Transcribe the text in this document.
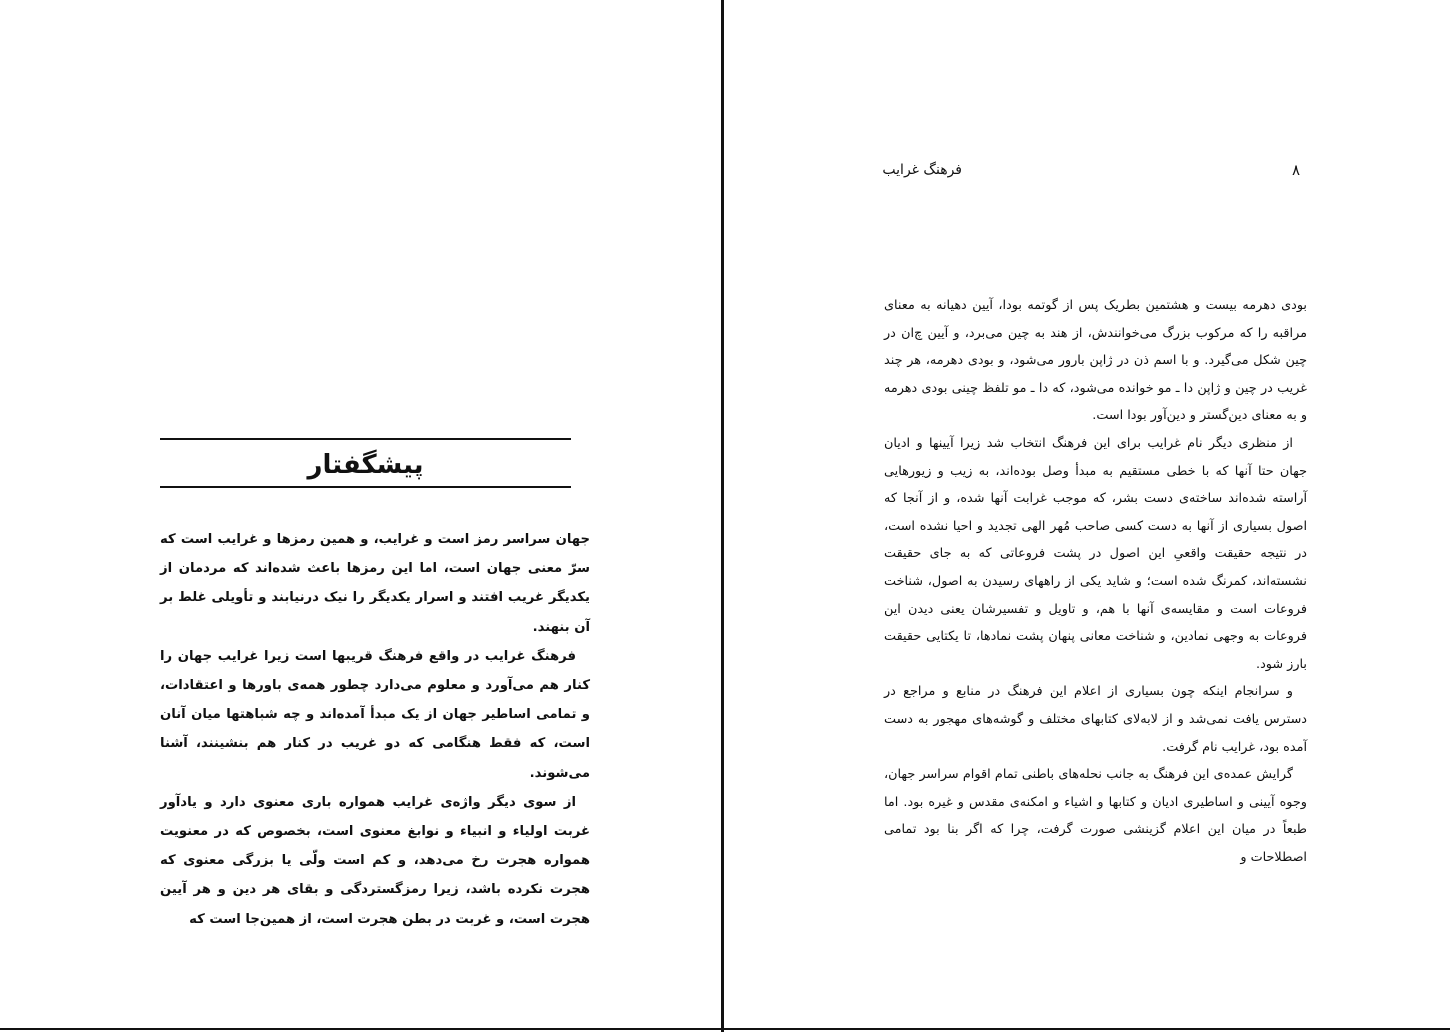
فرهنگ غرایب	۸

بودی دهرمه بیست و هشتمین بطریک پس از گوتمه بودا، آیین دهیانه به معنای مراقبه را که مرکوب بزرگ می‌خوانندش، از هند به چین می‌برد، و آیین چ‌ان در چین شکل می‌گیرد. و با اسم ذن در ژاپن بارور می‌شود، و بودی دهرمه، هر چند غریب در چین و ژاپن دا ـ مو خوانده می‌شود، که دا ـ مو تلفظ چینی بودی دهرمه و به معنای دین‌گستر و دین‌آور بودا است.

از منظری دیگر نام غرایب برای این فرهنگ انتخاب شد زیرا آیینها و ادیان جهان حتا آنها که با خطی مستقیم به مبدأ وصل بوده‌اند، به زیب و زیورهایی آراسته شده‌اند ساخته‌ی دست بشر، که موجب غرابت آنها شده، و از آنجا که اصول بسیاری از آنها به دست کسی صاحب مُهر الهی تجدید و احیا نشده است، در نتیجه حقیقت واقعیِ این اصول در پشت فروعاتی که به جای حقیقت نشسته‌اند، کمرنگ شده است؛ و شاید یکی از راههای رسیدن به اصول، شناخت فروعات است و مقایسه‌ی آنها با هم، و تاویل و تفسیرشان یعنی دیدن این فروعات به وجهی نمادین، و شناخت معانی پنهان پشت نمادها، تا یکتایی حقیقت بارز شود.

و سرانجام اینکه چون بسیاری از اعلام این فرهنگ در منابع و مراجع در دسترس یافت نمی‌شد و از لابه‌لای کتابهای مختلف و گوشه‌های مهجور به دست آمده بود، غرایب نام گرفت.

گرایش عمده‌ی این فرهنگ به جانب نحله‌های باطنی تمام اقوام سراسر جهان، وجوه آیینی و اساطیری ادیان و کتابها و اشیاء و امکنه‌ی مقدس و غیره بود. اما طبعاً در میان این اعلام گزینشی صورت گرفت، چرا که اگر بنا بود تمامی اصطلاحات و

پیشگفتار

جهان سراسر رمز است و غرایب، و همین رمزها و غرایب است که سرّ معنی جهان است، اما این رمزها باعث شده‌اند که مردمان از یکدیگر غریب افتند و اسرار یکدیگر را نیک درنیابند و تأویلی غلط بر آن بنهند.

فرهنگ غرایب در واقع فرهنگ قریبها است زیرا غرایب جهان را کنار هم می‌آورد و معلوم می‌دارد چطور همه‌ی باورها و اعتقادات، و تمامی اساطیر جهان از یک مبدأ آمده‌اند و چه شباهتها میان آنان است، که فقط هنگامی که دو غریب در کنار هم بنشینند، آشنا می‌شوند.

از سوی دیگر واژه‌ی غرایب همواره باری معنوی دارد و یادآور غربت اولیاء و انبیاء و نوابغ معنوی است، بخصوص که در معنویت همواره هجرت رخ می‌دهد، و کم است ولّی یا بزرگی معنوی که هجرت نکرده باشد، زیرا رمزگستردگی و بقای هر دین و هر آیین هجرت است، و غربت در بطن هجرت است، از همین‌جا است که
